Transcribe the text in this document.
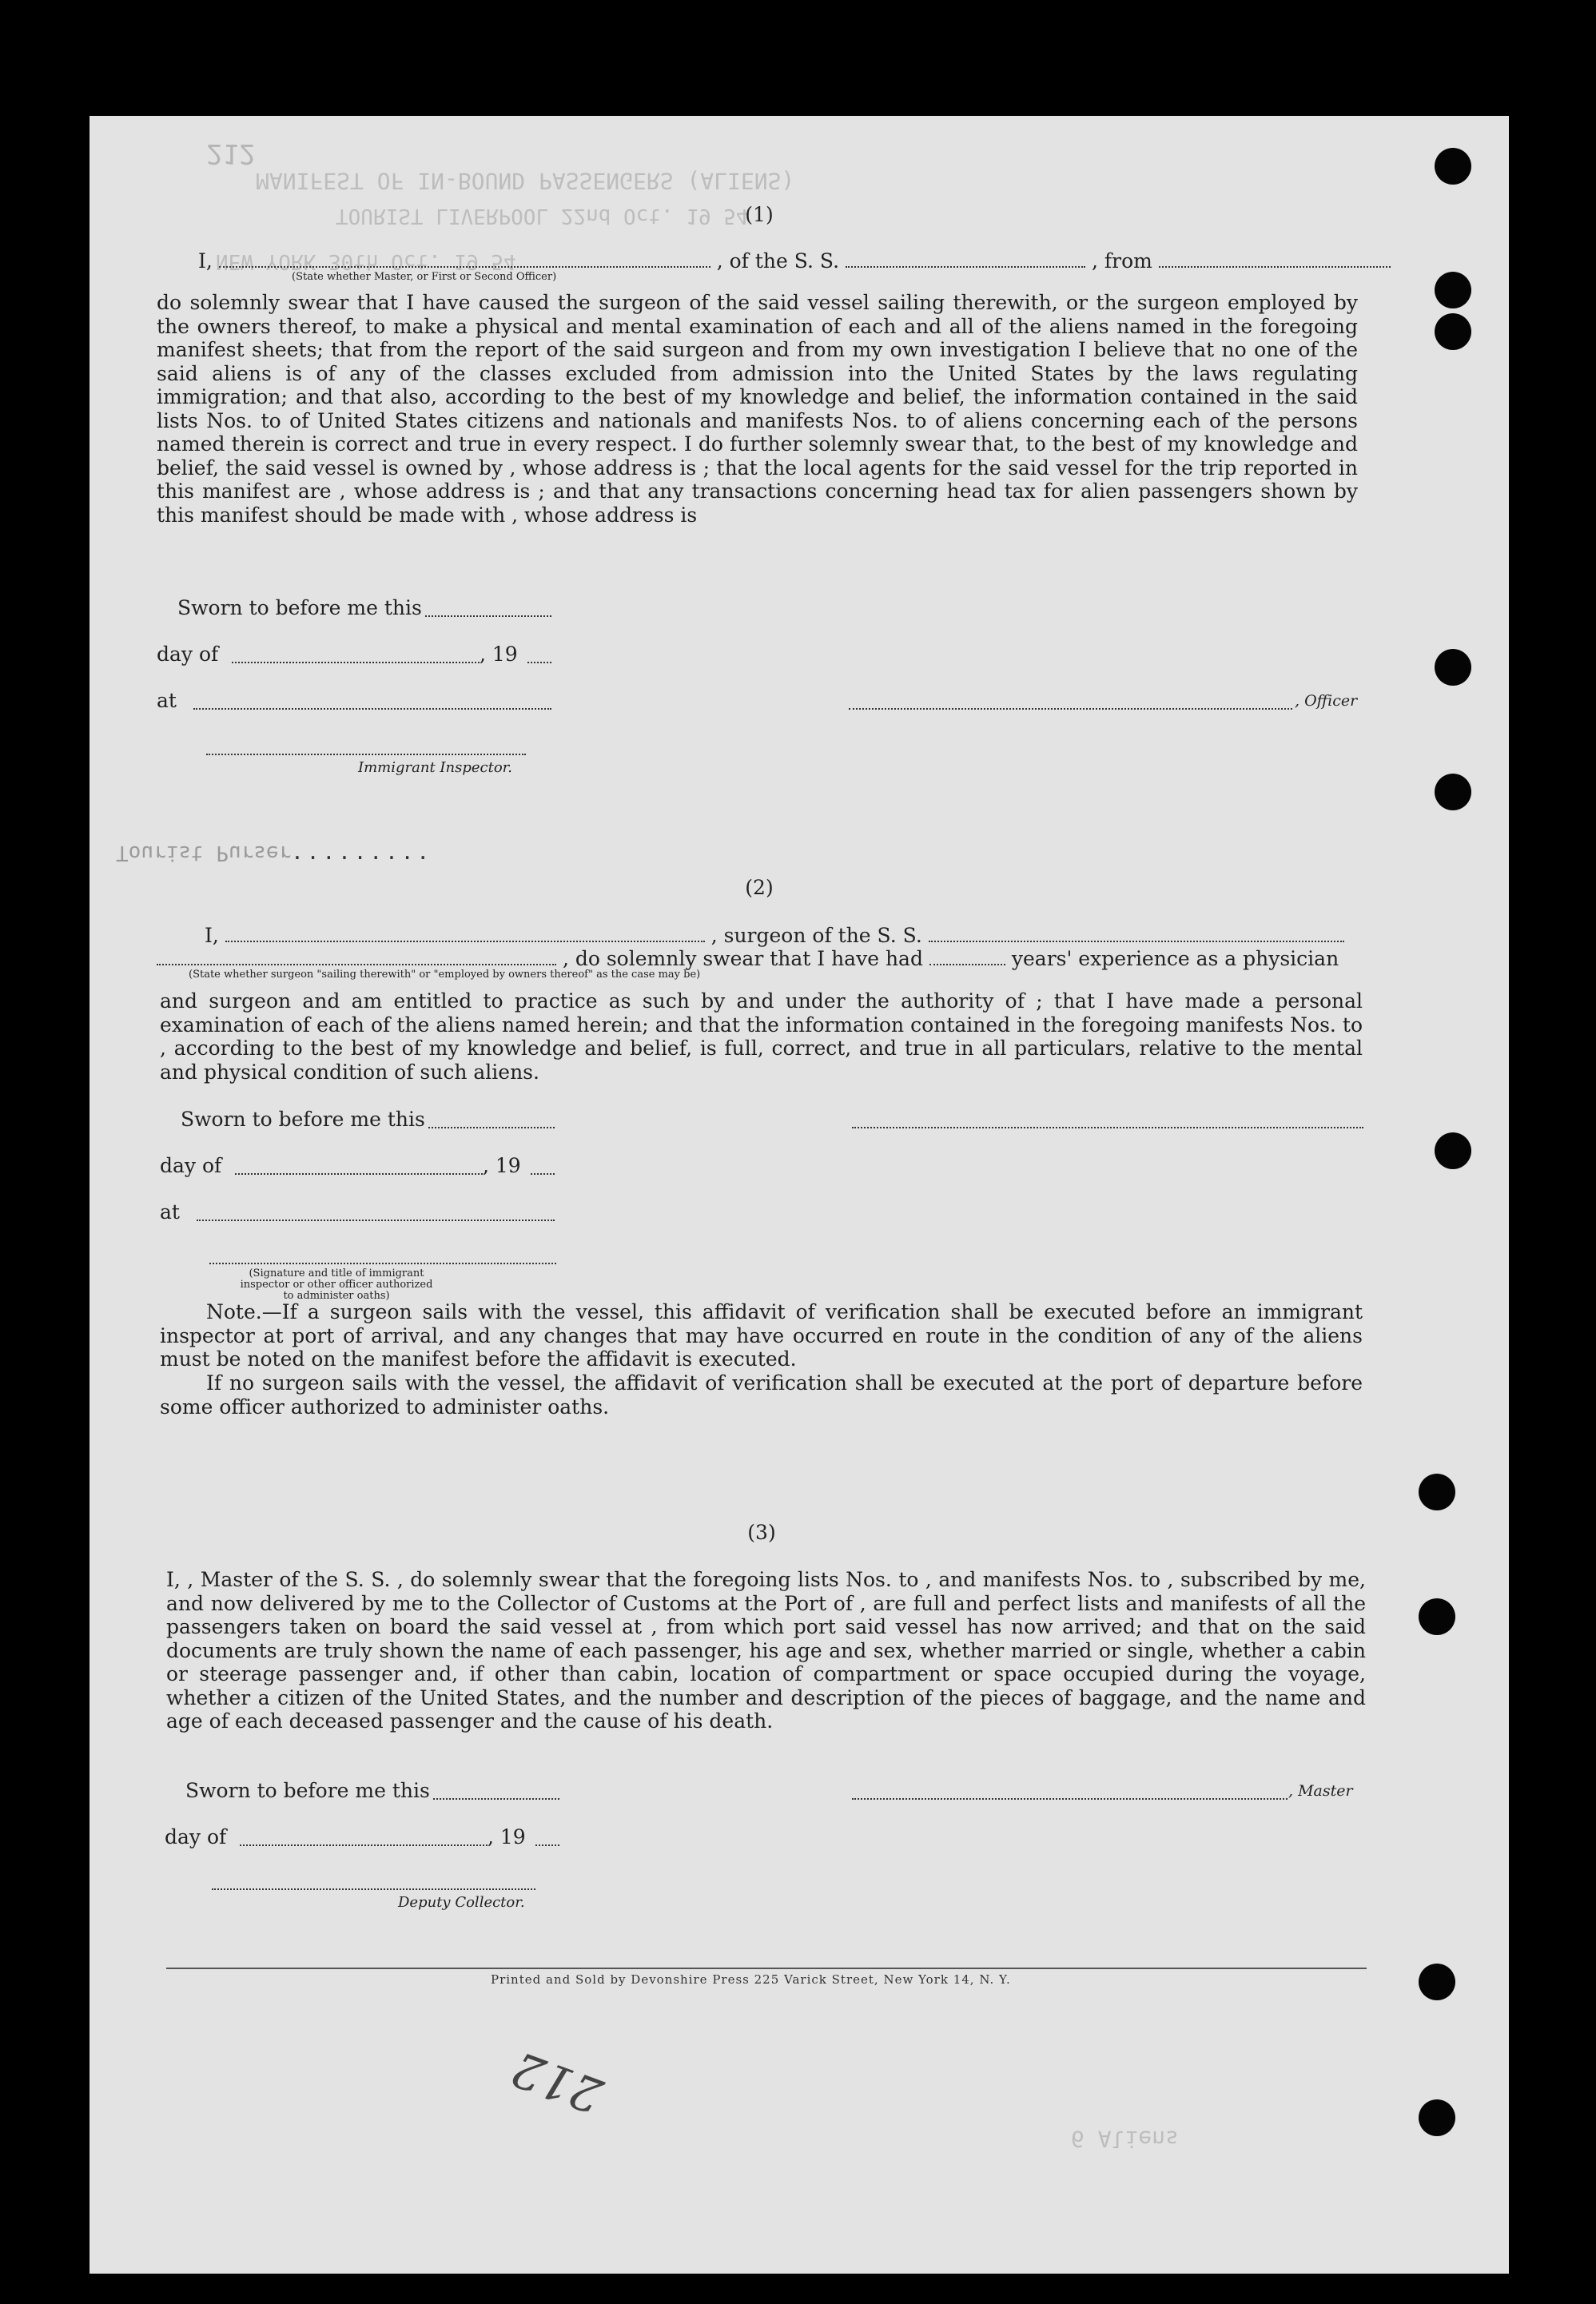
MANIFEST OF IN-BOUND PASSENGERS (ALIENS)
TOURIST LIVERPOOL 22nd Oct. 19 54
NEW YORK 30th Oct. 19 54
6 Aliens
212
(1)
I,	, of the S. S.	, from
(State whether Master, or First or Second Officer)
do solemnly swear that I have caused the surgeon of the said vessel sailing therewith, or the surgeon employed by the owners thereof, to make a physical and mental examination of each and all of the aliens named in the foregoing manifest sheets; that from the report of the said surgeon and from my own investigation I believe that no one of the said aliens is of any of the classes excluded from admission into the United States by the laws regulating immigration; and that also, according to the best of my knowledge and belief, the information contained in the said lists Nos. to of United States citizens and nationals and manifests Nos. to of aliens concerning each of the persons named therein is correct and true in every respect. I do further solemnly swear that, to the best of my knowledge and belief, the said vessel is owned by , whose address is ; that the local agents for the said vessel for the trip reported in this manifest are , whose address is ; and that any transactions concerning head tax for alien passengers shown by this manifest should be made with , whose address is
Sworn to before me this
day of	, 19
at	, Officer
Immigrant Inspector.
Tourist Purser.........
(2)
I,	, surgeon of the S. S.
, do solemnly swear that I have had	years' experience as a physician
(State whether surgeon "sailing therewith" or "employed by owners thereof" as the case may be)
and surgeon and am entitled to practice as such by and under the authority of ; that I have made a personal examination of each of the aliens named herein; and that the information contained in the foregoing manifests Nos. to , according to the best of my knowledge and belief, is full, correct, and true in all particulars, relative to the mental and physical condition of such aliens.
Sworn to before me this
day of	, 19
at
(Signature and title of immigrant inspector or other officer authorized to administer oaths)
Note.—If a surgeon sails with the vessel, this affidavit of verification shall be executed before an immigrant inspector at port of arrival, and any changes that may have occurred en route in the condition of any of the aliens must be noted on the manifest before the affidavit is executed.
If no surgeon sails with the vessel, the affidavit of verification shall be executed at the port of departure before some officer authorized to administer oaths.
(3)
I, , Master of the S. S. , do solemnly swear that the foregoing lists Nos. to , and manifests Nos. to , subscribed by me, and now delivered by me to the Collector of Customs at the Port of , are full and perfect lists and manifests of all the passengers taken on board the said vessel at , from which port said vessel has now arrived; and that on the said documents are truly shown the name of each passenger, his age and sex, whether married or single, whether a cabin or steerage passenger and, if other than cabin, location of compartment or space occupied during the voyage, whether a citizen of the United States, and the number and description of the pieces of baggage, and the name and age of each deceased passenger and the cause of his death.
Sworn to before me this	, Master
day of	, 19
Deputy Collector.
Printed and Sold by Devonshire Press 225 Varick Street, New York 14, N. Y.
212
